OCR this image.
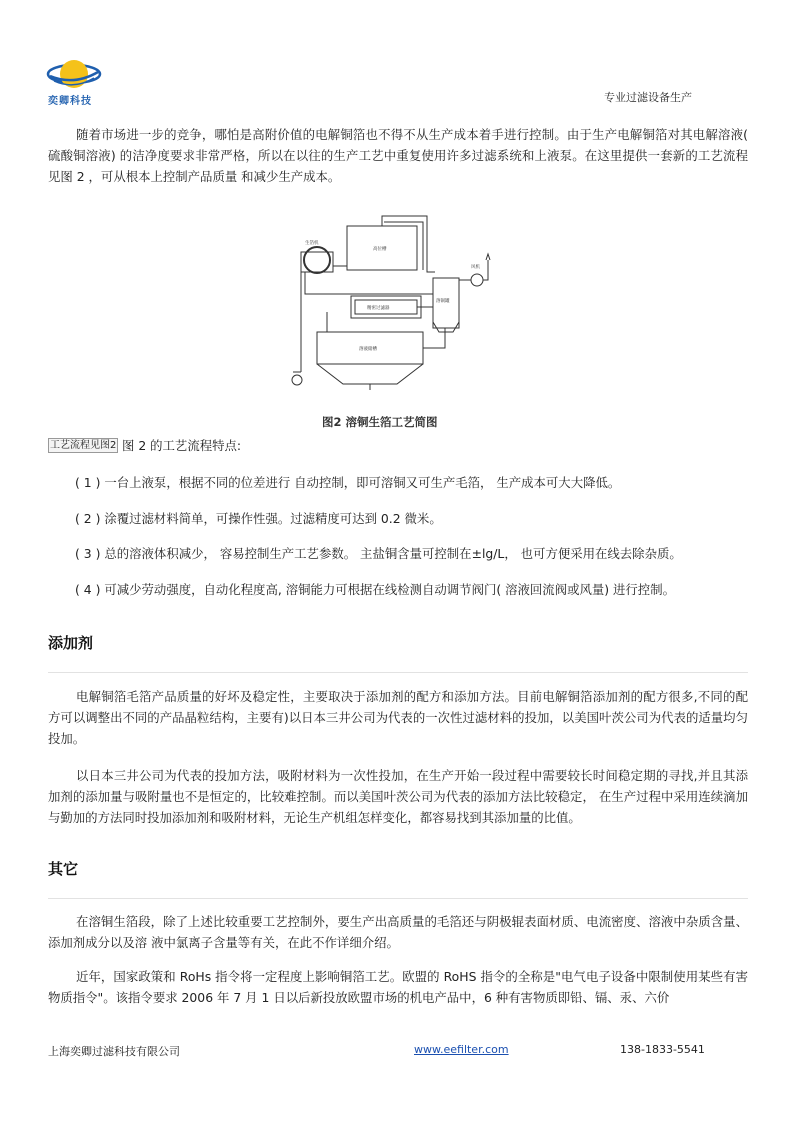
奕卿科技	专业过滤设备生产
随着市场进一步的竞争，哪怕是高附价值的电解铜箔也不得不从生产成本着手进行控制。由于生产电解铜箔对其电解溶液( 硫酸铜溶液) 的洁净度要求非常严格，所以在以往的生产工艺中重复使用许多过滤系统和上液泵。在这里提供一套新的工艺流程见图 2 ，可从根本上控制产品质量 和减少生产成本。
生箔机
高位槽
精密过滤器
溶铜罐
风机
溶液储槽
图2 溶铜生箔工艺简图
工艺流程见图2 图 2 的工艺流程特点:
( 1 ) 一台上液泵，根据不同的位差进行 自动控制，即可溶铜又可生产毛箔， 生产成本可大大降低。
( 2 ) 涂覆过滤材料简单，可操作性强。过滤精度可达到 0.2 微米。
( 3 ) 总的溶液体积减少， 容易控制生产工艺参数。 主盐铜含量可控制在±lg/L， 也可方便采用在线去除杂质。
( 4 ) 可减少劳动强度，自动化程度高, 溶铜能力可根据在线检测自动调节阀门( 溶液回流阀或风量) 进行控制。
添加剂
电解铜箔毛箔产品质量的好坏及稳定性，主要取决于添加剂的配方和添加方法。目前电解铜箔添加剂的配方很多,不同的配方可以调整出不同的产品晶粒结构，主要有)以日本三井公司为代表的一次性过滤材料的投加，以美国叶茨公司为代表的适量均匀投加。
以日本三井公司为代表的投加方法，吸附材料为一次性投加，在生产开始一段过程中需要较长时间稳定期的寻找,并且其添加剂的添加量与吸附量也不是恒定的，比较难控制。而以美国叶茨公司为代表的添加方法比较稳定， 在生产过程中采用连续滴加与勤加的方法同时投加添加剂和吸附材料，无论生产机组怎样变化，都容易找到其添加量的比值。
其它
在溶铜生箔段，除了上述比较重要工艺控制外，要生产出高质量的毛箔还与阴极辊表面材质、电流密度、溶液中杂质含量、添加剂成分以及溶 液中氯离子含量等有关，在此不作详细介绍。
近年，国家政策和 RoHs 指令将一定程度上影响铜箔工艺。欧盟的 RoHS 指令的全称是"电气电子设备中限制使用某些有害物质指令"。该指令要求 2006 年 7 月 1 日以后新投放欧盟市场的机电产品中，6 种有害物质即铅、镉、汞、六价
上海奕卿过滤科技有限公司	www.eefilter.com	138-1833-5541
